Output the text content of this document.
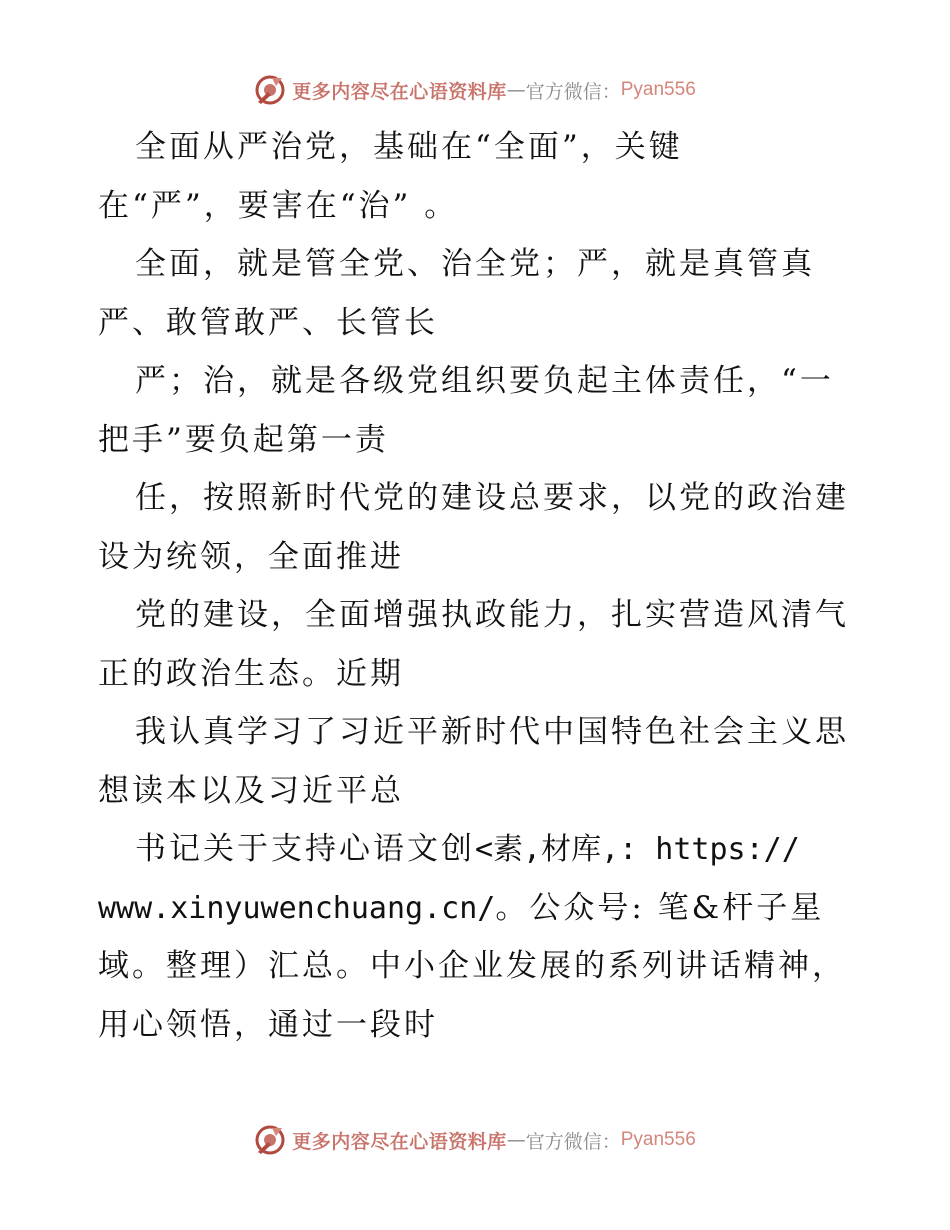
更多内容尽在心语资料库 — 官方微信： Pyan556
全面从严治党，基础在“全面”，关键
在“严”，要害在“治” 。
全面，就是管全党、治全党；严，就是真管真
严、敢管敢严、长管长
严；治，就是各级党组织要负起主体责任，“一
把手”要负起第一责
任，按照新时代党的建设总要求，以党的政治建
设为统领，全面推进
党的建设，全面增强执政能力，扎实营造风清气
正的政治生态。近期
我认真学习了习近平新时代中国特色社会主义思
想读本以及习近平总
书记关于支持心语文创<素,材库,: https://
www.xinyuwenchuang.cn/。公众号: 笔&杆子星
域。整理）汇总。中小企业发展的系列讲话精神，
用心领悟，通过一段时
更多内容尽在心语资料库 — 官方微信： Pyan556
